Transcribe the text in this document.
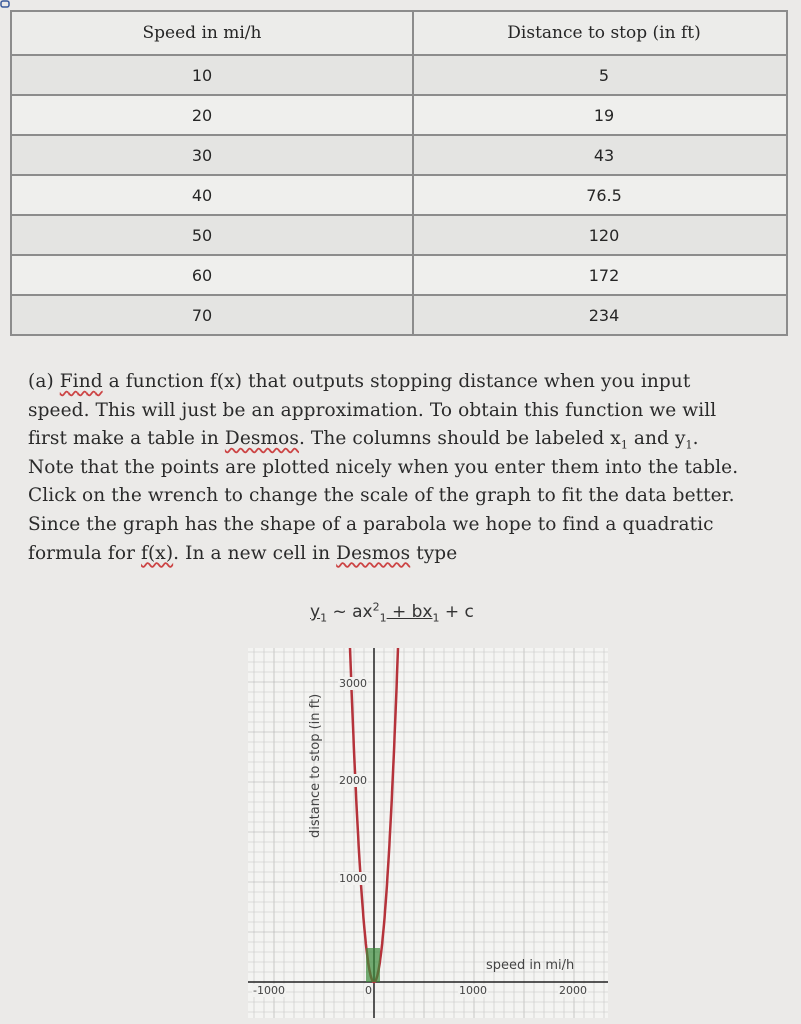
Speed in mi/h	Distance to stop (in ft)
10	5
20	19
30	43
40	76.5
50	120
60	172
70	234
(a) Find a function f(x) that outputs stopping distance when you input
speed. This will just be an approximation. To obtain this function we will
first make a table in Desmos. The columns should be labeled $x_1$ and $y_1$.
Note that the points are plotted nicely when you enter them into the table.
Click on the wrench to change the scale of the graph to fit the data better.
Since the graph has the shape of a parabola we hope to find a quadratic
formula for f(x). In a new cell in Desmos type
$y_1$ ~ $ax^2_1 + bx_1 + c$
distance to stop (in ft)
speed in mi/h
3000
2000
1000
-1000	0	1000	2000
